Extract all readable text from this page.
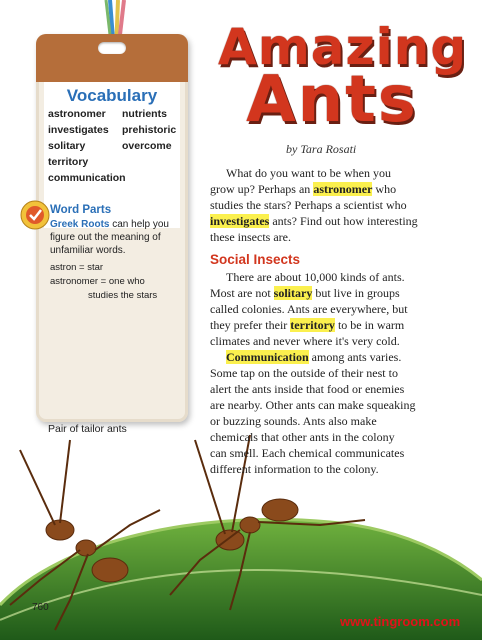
Vocabulary
astronomer nutrients
investigates prehistoric
solitary	overcome
territory
communication
Word Parts
Greek Roots can help you
figure out the meaning of
unfamiliar words.
astron = star
astronomer = one who
studies the stars
Pair of tailor ants
Amazing
Ants
by Tara Rosati
What do you want to be when you
grow up? Perhaps an astronomer who
studies the stars? Perhaps a scientist who
investigates ants? Find out how interesting
these insects are.
Social Insects
There are about 10,000 kinds of ants.
Most are not solitary but live in groups
called colonies. Ants are everywhere, but
they prefer their territory to be in warm
climates and never where it's very cold.
Communication among ants varies.
Some tap on the outside of their nest to
alert the ants inside that food or enemies
are nearby. Other ants can make squeaking
or buzzing sounds. Ants also make
chemicals that other ants in the colony
can smell. Each chemical communicates
different information to the colony.
760
www.tingroom.com
